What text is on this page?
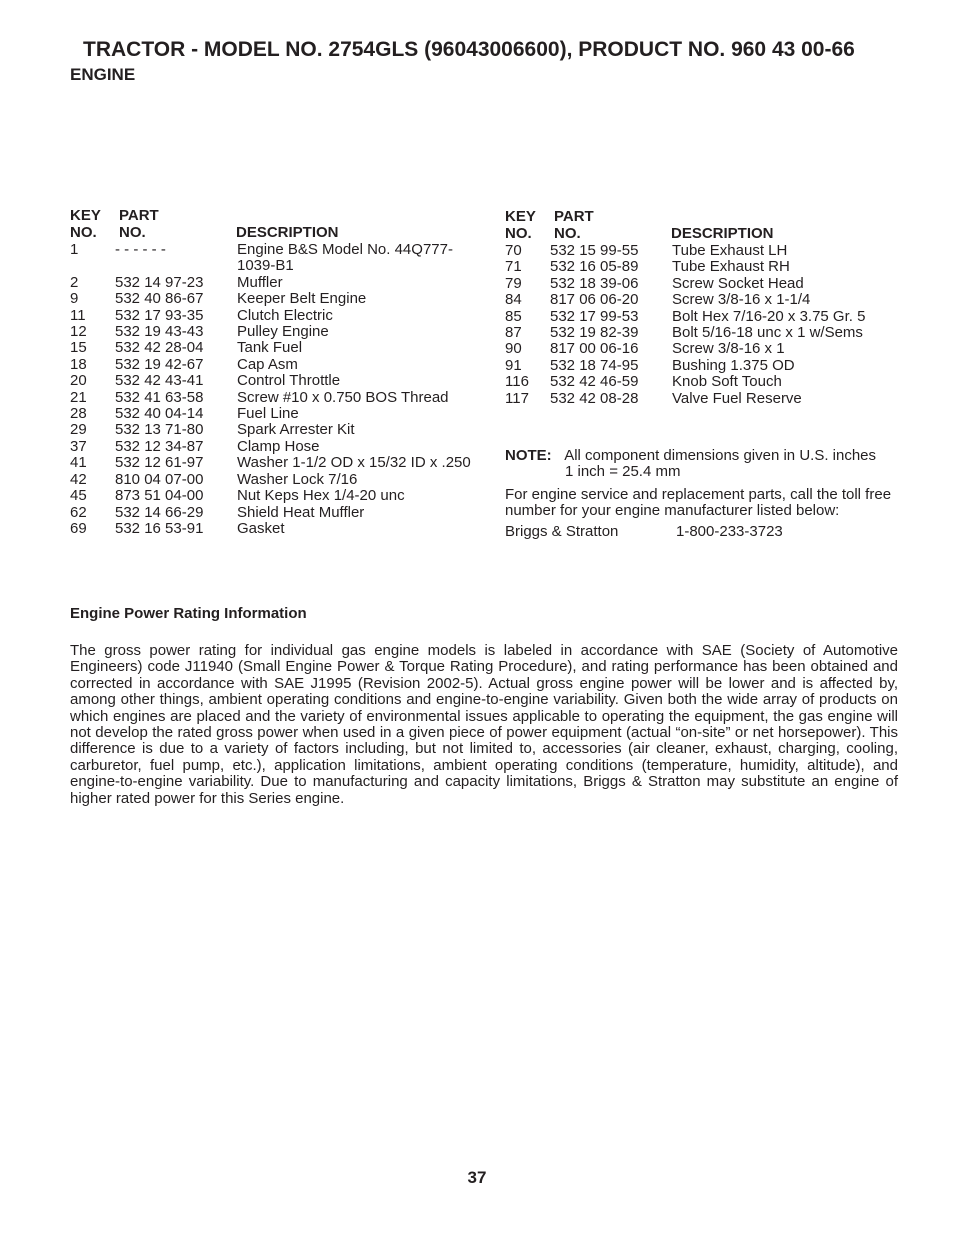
TRACTOR - MODEL NO. 2754GLS (96043006600), PRODUCT NO. 960 43 00-66
ENGINE
KEY
NO.
PART
NO.	DESCRIPTION
1 - - - - - -	Engine B&S Model No. 44Q777-1039-B1
2 532 14 97-23 Muffler
9 532 40 86-67 Keeper Belt Engine
11 532 17 93-35 Clutch Electric
12 532 19 43-43 Pulley Engine
15 532 42 28-04 Tank Fuel
18 532 19 42-67 Cap Asm
20 532 42 43-41 Control Throttle
21 532 41 63-58 Screw #10 x 0.750 BOS Thread
28 532 40 04-14 Fuel Line
29 532 13 71-80 Spark Arrester Kit
37 532 12 34-87 Clamp Hose
41 532 12 61-97 Washer 1-1/2 OD x 15/32 ID x .250
42 810 04 07-00 Washer Lock 7/16
45 873 51 04-00 Nut Keps Hex 1/4-20 unc
62 532 14 66-29 Shield Heat Muffler
69 532 16 53-91 Gasket
KEY
NO.
PART
NO.	DESCRIPTION
70 532 15 99-55 Tube Exhaust LH
71 532 16 05-89 Tube Exhaust RH
79 532 18 39-06 Screw Socket Head
84 817 06 06-20 Screw 3/8-16 x 1-1/4
85 532 17 99-53 Bolt Hex 7/16-20 x 3.75 Gr. 5
87 532 19 82-39 Bolt 5/16-18 unc x 1 w/Sems
90 817 00 06-16 Screw 3/8-16 x 1
91 532 18 74-95 Bushing 1.375 OD
116 532 42 46-59 Knob Soft Touch
117 532 42 08-28 Valve Fuel Reserve
NOTE: All component dimensions given in U.S. inches
1 inch = 25.4 mm
For engine service and replacement parts, call the toll free number for your engine manufacturer listed below:
Briggs & Stratton	1-800-233-3723
Engine Power Rating Information
The gross power rating for individual gas engine models is labeled in accordance with SAE (Society of Automotive Engineers) code J11940 (Small Engine Power & Torque Rating Procedure), and rating performance has been obtained and corrected in accordance with SAE J1995 (Revision 2002-5). Actual gross engine power will be lower and is affected by, among other things, ambient operating conditions and engine-to-engine variability. Given both the wide array of products on which engines are placed and the variety of environmental issues applicable to operating the equipment, the gas engine will not develop the rated gross power when used in a given piece of power equipment (actual “on-site” or net horsepower). This difference is due to a variety of factors including, but not limited to, accessories (air cleaner, exhaust, charging, cooling, carburetor, fuel pump, etc.), application limitations, ambient operating conditions (temperature, humidity, altitude), and engine-to-engine variability. Due to manufacturing and capacity limitations, Briggs & Stratton may substitute an engine of higher rated power for this Series engine.
37
